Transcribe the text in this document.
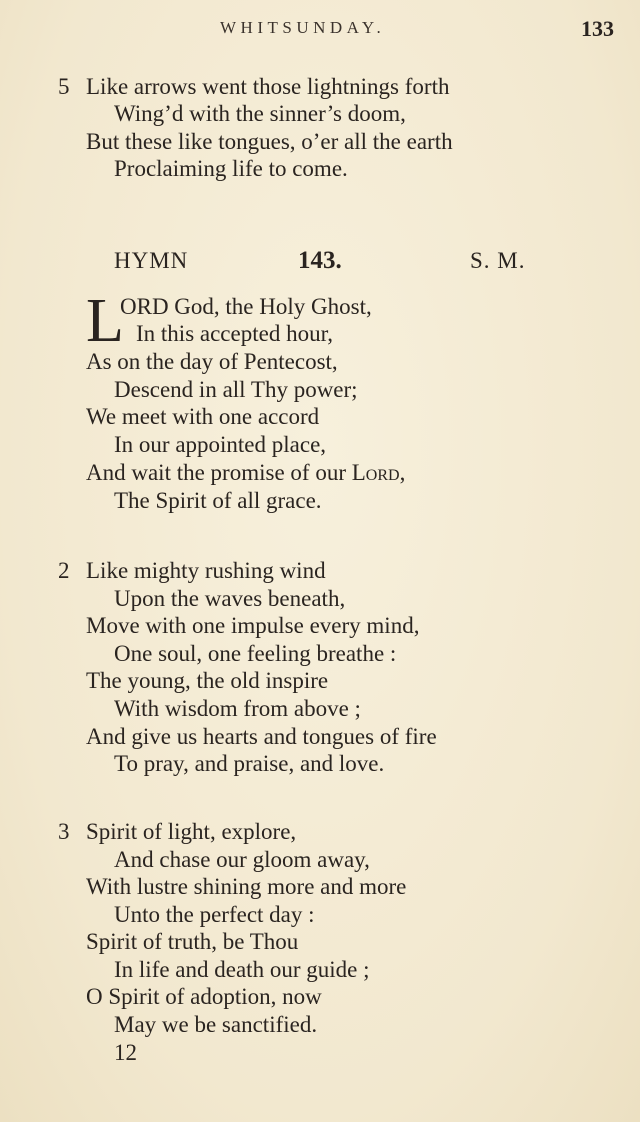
WHITSUNDAY.	133
5 Like arrows went those lightnings forth
Wing’d with the sinner’s doom,
But these like tongues, o’er all the earth
Proclaiming life to come.
HYMN	143.	S. M.
L
ORD God, the Holy Ghost,
In this accepted hour,
As on the day of Pentecost,
Descend in all Thy power;
We meet with one accord
In our appointed place,
And wait the promise of our Lord,
The Spirit of all grace.
2 Like mighty rushing wind
Upon the waves beneath,
Move with one impulse every mind,
One soul, one feeling breathe :
The young, the old inspire
With wisdom from above ;
And give us hearts and tongues of fire
To pray, and praise, and love.
3 Spirit of light, explore,
And chase our gloom away,
With lustre shining more and more
Unto the perfect day :
Spirit of truth, be Thou
In life and death our guide ;
O Spirit of adoption, now
May we be sanctified.
12
